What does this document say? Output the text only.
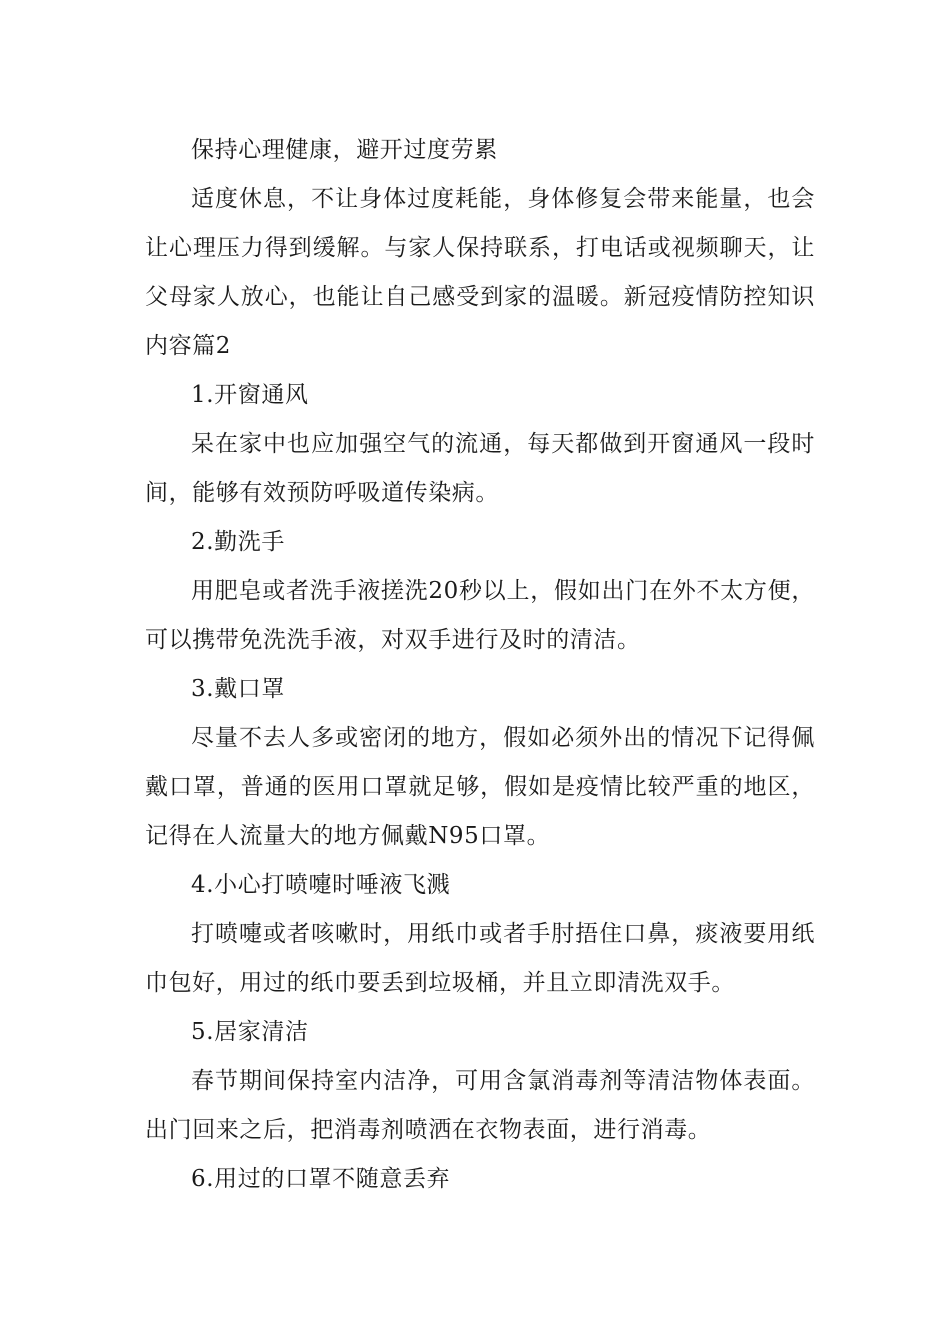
保持心理健康，避开过度劳累

适度休息，不让身体过度耗能，身体修复会带来能量，也会让心理压力得到缓解。与家人保持联系，打电话或视频聊天，让父母家人放心，也能让自己感受到家的温暖。新冠疫情防控知识内容篇2

1.开窗通风

呆在家中也应加强空气的流通，每天都做到开窗通风一段时间，能够有效预防呼吸道传染病。

2.勤洗手

用肥皂或者洗手液搓洗20秒以上，假如出门在外不太方便，可以携带免洗洗手液，对双手进行及时的清洁。

3.戴口罩

尽量不去人多或密闭的地方，假如必须外出的情况下记得佩戴口罩，普通的医用口罩就足够，假如是疫情比较严重的地区，记得在人流量大的地方佩戴N95口罩。

4.小心打喷嚏时唾液飞溅

打喷嚏或者咳嗽时，用纸巾或者手肘捂住口鼻，痰液要用纸巾包好，用过的纸巾要丢到垃圾桶，并且立即清洗双手。

5.居家清洁

春节期间保持室内洁净，可用含氯消毒剂等清洁物体表面。出门回来之后，把消毒剂喷洒在衣物表面，进行消毒。

6.用过的口罩不随意丢弃
